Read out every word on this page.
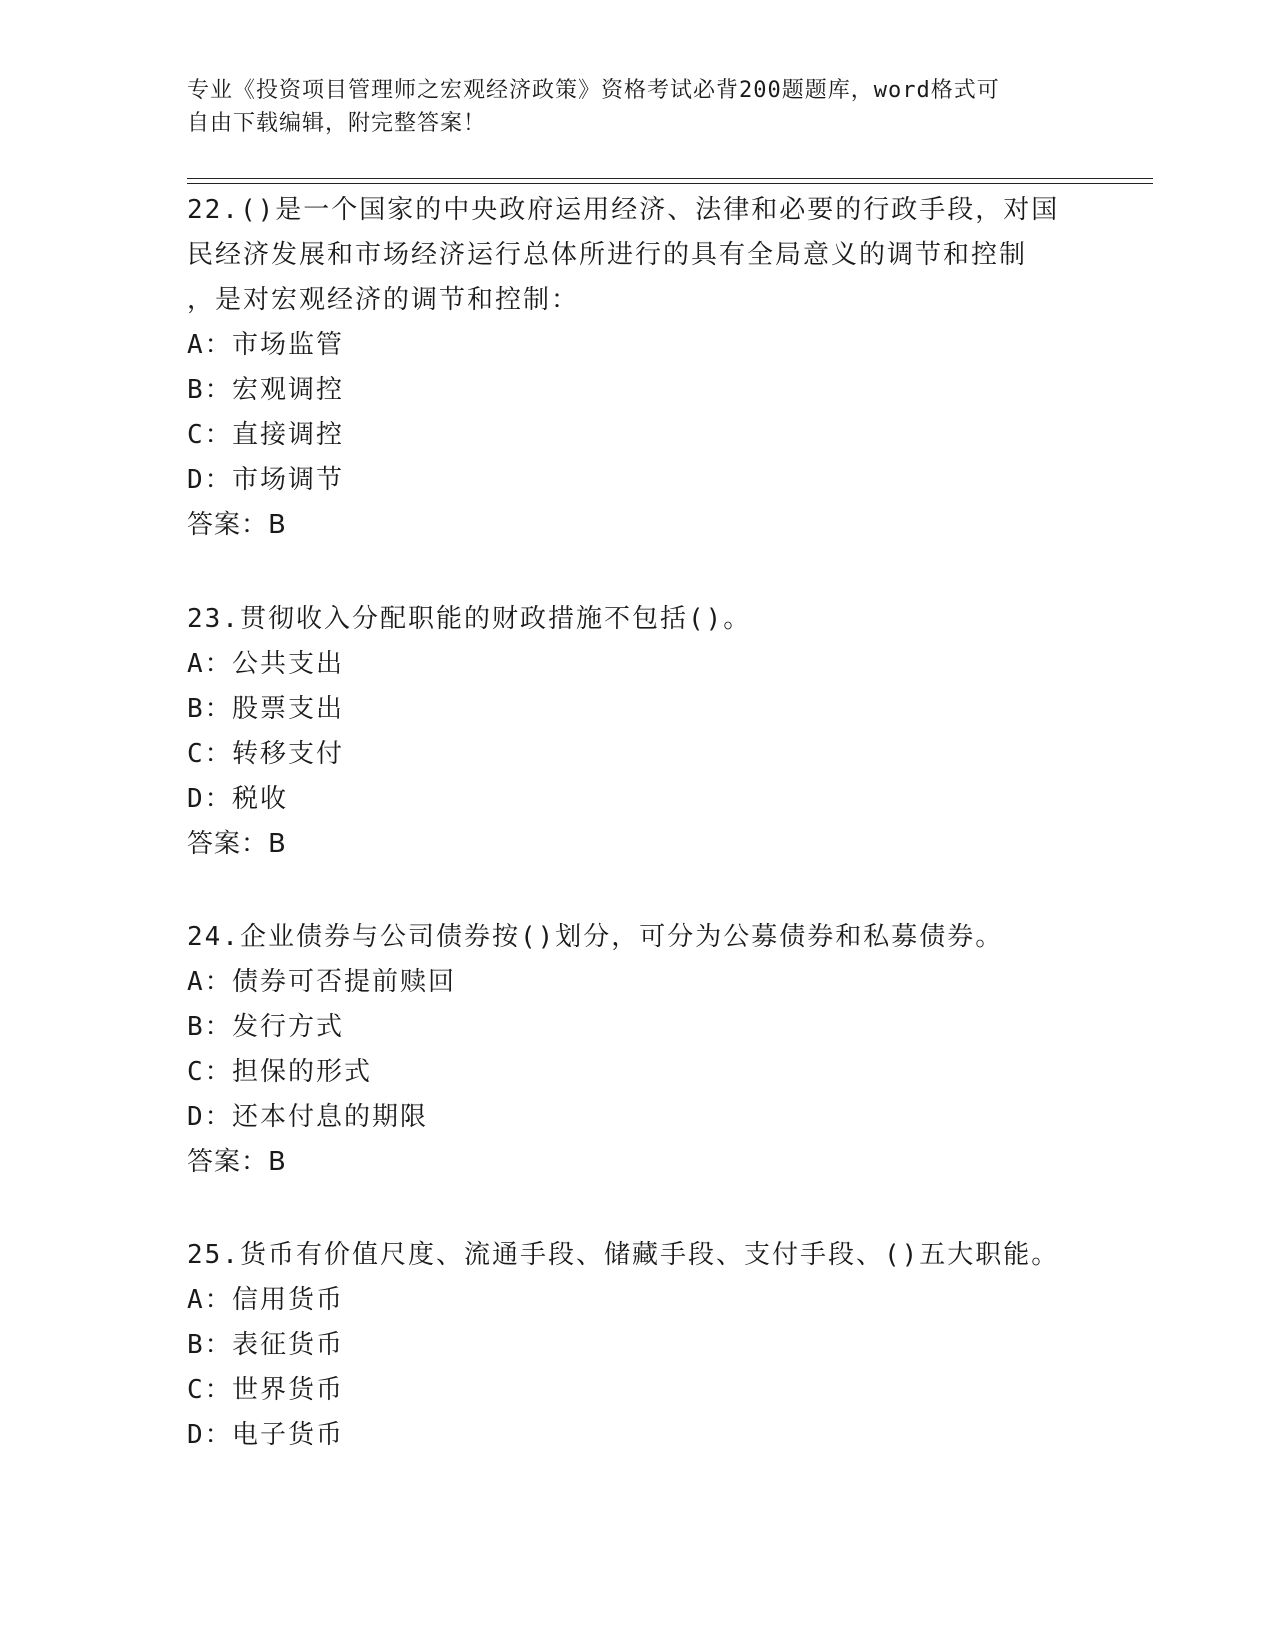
专业《投资项目管理师之宏观经济政策》资格考试必背200题题库，word格式可
自由下载编辑，附完整答案！

22.()是一个国家的中央政府运用经济、法律和必要的行政手段，对国

民经济发展和市场经济运行总体所进行的具有全局意义的调节和控制

，是对宏观经济的调节和控制：

A：市场监管

B：宏观调控

C：直接调控

D：市场调节

答案：B

23.贯彻收入分配职能的财政措施不包括()。

A：公共支出

B：股票支出

C：转移支付

D：税收

答案：B

24.企业债券与公司债券按()划分，可分为公募债券和私募债券。

A：债券可否提前赎回

B：发行方式

C：担保的形式

D：还本付息的期限

答案：B

25.货币有价值尺度、流通手段、储藏手段、支付手段、()五大职能。

A：信用货币

B：表征货币

C：世界货币

D：电子货币
